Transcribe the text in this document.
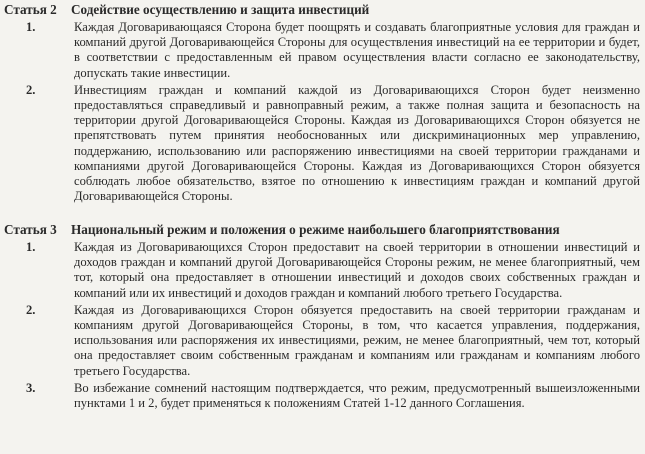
Статья 2 Содействие осуществлению и защита инвестиций
1.	Каждая Договаривающаяся Сторона будет поощрять и создавать благоприятные условия для граждан и компаний другой Договаривающейся Стороны для осуществления инвестиций на ее территории и будет, в соответствии с предоставленным ей правом осуществления власти согласно ее законодательству, допускать такие инвестиции.
2.	Инвестициям граждан и компаний каждой из Договаривающихся Сторон будет неизменно предоставляться справедливый и равноправный режим, а также полная защита и безопасность на территории другой Договаривающейся Стороны. Каждая из Договаривающихся Сторон обязуется не препятствовать путем принятия необоснованных или дискриминационных мер управлению, поддержанию, использованию или распоряжению инвестициями на своей территории гражданами и компаниями другой Договаривающейся Стороны. Каждая из Договаривающихся Сторон обязуется соблюдать любое обязательство, взятое по отношению к инвестициям граждан и компаний другой Договаривающейся Стороны.
Статья 3 Национальный режим и положения о режиме наибольшего благоприятствования
1.	Каждая из Договаривающихся Сторон предоставит на своей территории в отношении инвестиций и доходов граждан и компаний другой Договаривающейся Стороны режим, не менее благоприятный, чем тот, который она предоставляет в отношении инвестиций и доходов своих собственных граждан и компаний или их инвестиций и доходов граждан и компаний любого третьего Государства.
2.	Каждая из Договаривающихся Сторон обязуется предоставить на своей территории гражданам и компаниям другой Договаривающейся Стороны, в том, что касается управления, поддержания, использования или распоряжения их инвестициями, режим, не менее благоприятный, чем тот, который она предоставляет своим собственным гражданам и компаниям или гражданам и компаниям любого третьего Государства.
3.	Во избежание сомнений настоящим подтверждается, что режим, предусмотренный вышеизложенными пунктами 1 и 2, будет применяться к положениям Статей 1-12 данного Соглашения.
